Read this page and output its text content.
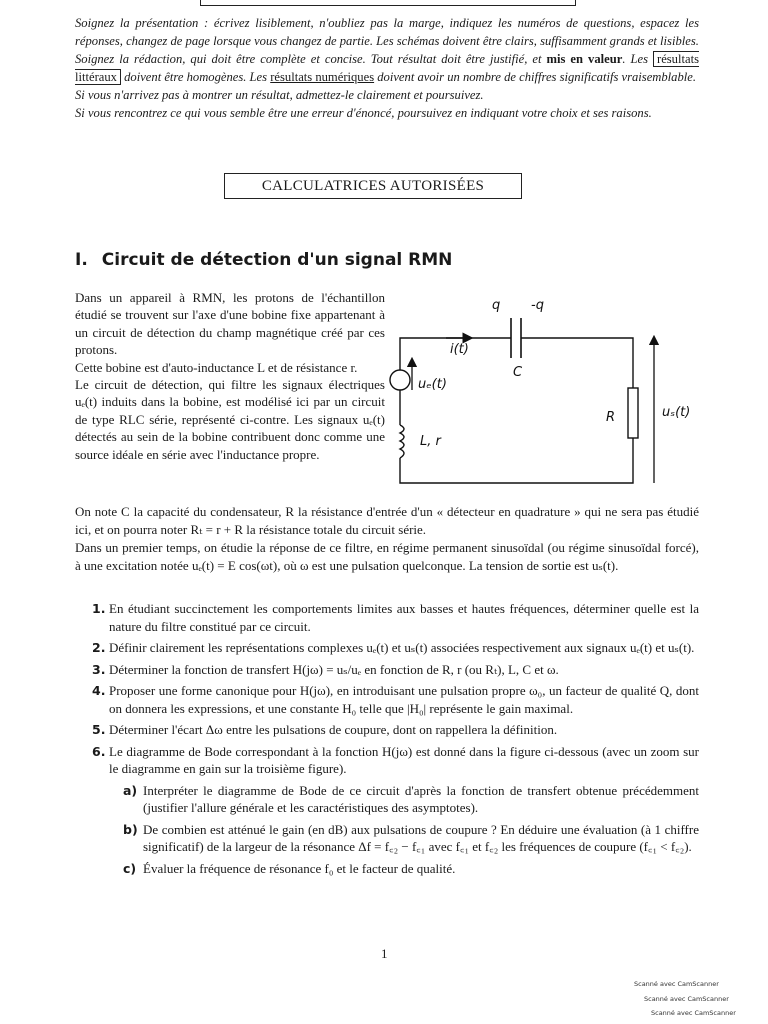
Soignez la présentation : écrivez lisiblement, n'oubliez pas la marge, indiquez les numéros de questions, espacez les réponses, changez de page lorsque vous changez de partie. Les schémas doivent être clairs, suffisamment grands et lisibles.

Soignez la rédaction, qui doit être complète et concise. Tout résultat doit être justifié, et mis en valeur. Les résultats littéraux doivent être homogènes. Les résultats numériques doivent avoir un nombre de chiffres significatifs vraisemblable.

Si vous n'arrivez pas à montrer un résultat, admettez-le clairement et poursuivez.

Si vous rencontrez ce qui vous semble être une erreur d'énoncé, poursuivez en indiquant votre choix et ses raisons.

CALCULATRICES AUTORISÉES
I. Circuit de détection d'un signal RMN

Dans un appareil à RMN, les protons de l'échantillon étudié se trouvent sur l'axe d'une bobine fixe appartenant à un circuit de détection du champ magnétique créé par ces protons.

Cette bobine est d'auto-inductance L et de résistance r.

Le circuit de détection, qui filtre les signaux électriques uₑ(t) induits dans la bobine, est modélisé ici par un circuit de type RLC série, représenté ci-contre. Les signaux uₑ(t) détectés au sein de la bobine contribuent donc comme une source idéale en série avec l'inductance propre.

q -q
i(t)
C
uₑ(t)
L, r
R	uₛ(t)

On note C la capacité du condensateur, R la résistance d'entrée d'un « détecteur en quadrature » qui ne sera pas étudié ici, et on pourra noter Rₜ = r + R la résistance totale du circuit série.

Dans un premier temps, on étudie la réponse de ce filtre, en régime permanent sinusoïdal (ou régime sinusoïdal forcé), à une excitation notée uₑ(t) = E cos(ωt), où ω est une pulsation quelconque. La tension de sortie est uₛ(t).

1. En étudiant succinctement les comportements limites aux basses et hautes fréquences, déterminer quelle est la nature du filtre constitué par ce circuit.
2. Définir clairement les représentations complexes uₑ(t) et uₛ(t) associées respectivement aux signaux uₑ(t) et uₛ(t).
3. Déterminer la fonction de transfert H(jω) = uₛ/uₑ en fonction de R, r (ou Rₜ), L, C et ω.
4. Proposer une forme canonique pour H(jω), en introduisant une pulsation propre ω₀, un facteur de qualité Q, dont on donnera les expressions, et une constante H₀ telle que |H₀| représente le gain maximal.
5. Déterminer l'écart Δω entre les pulsations de coupure, dont on rappellera la définition.
6. Le diagramme de Bode correspondant à la fonction H(jω) est donné dans la figure ci-dessous (avec un zoom sur le diagramme en gain sur la troisième figure).
a) Interpréter le diagramme de Bode de ce circuit d'après la fonction de transfert obtenue précédemment (justifier l'allure générale et les caractéristiques des asymptotes).
b) De combien est atténué le gain (en dB) aux pulsations de coupure ? En déduire une évaluation (à 1 chiffre significatif) de la largeur de la résonance Δf = f꜀₂ − f꜀₁ avec f꜀₁ et f꜀₂ les fréquences de coupure (f꜀₁ < f꜀₂).
c) Évaluer la fréquence de résonance f₀ et le facteur de qualité.
1
Scanné avec CamScanner
Scanné avec CamScanner
Scanné avec CamScanner
